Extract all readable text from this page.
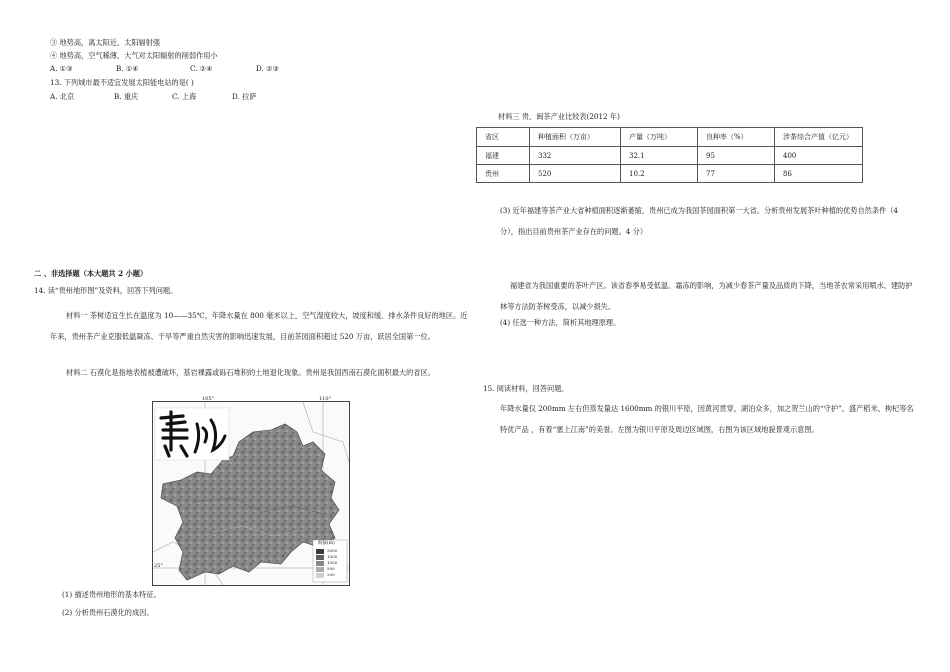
③ 地势高，离太阳近，太阳辐射强
④ 地势高，空气稀薄，大气对太阳辐射的削弱作用小
A. ①③	B. ①④	C. ②④	D. ②③
13. 下列城市最不适宜发展太阳能电站的是( )
A. 北京	B. 重庆	C. 上海	D. 拉萨
二 、非选择题（本大题共 2 小题）
14. 读“贵州地形图”及资料，回答下列问题。
材料一 茶树适宜生长在温度为 10——35℃，年降水量在 800 毫米以上，空气湿度较大，坡度和缓、排水条件良好的地区。近年来，贵州茶产业克服低温凝冻、干旱等严重自然灾害的影响迅速发展，目前茶园面积超过 520 万亩，跃居全国第一位。
材料二 石漠化是指地表植被遭破坏，基岩裸露或砾石堆积的土地退化现象。贵州是我国西南石漠化面积最大的省区。
105°	110°
25°
海拔(m)
2000
1500
1000
500
200
(1) 描述贵州地形的基本特征。
(2) 分析贵州石漠化的成因。
材料三 贵、闽茶产业比较表(2012 年)
省区	种植面积（万亩）	产量（万吨）	良种率（%）	涉茶综合产值（亿元）
福建	332	32.1	95	400
贵州	520	10.2	77	86
(3) 近年福建等茶产业大省种植面积逐渐萎缩，贵州已成为我国茶园面积第一大省。分析贵州发展茶叶种植的优势自然条件（4 分），指出目前贵州茶产业存在的问题。4 分）
福建省为我国重要的茶叶产区。该省春季易受低温、霜冻的影响，为减少春茶产量及品质的下降，当地茶农常采用喷水、建防护林等方法防茶树受冻，以减少损失。
(4) 任选一种方法，简析其地理原理。
15. 阅读材料，回答问题。
年降水量仅 200mm 左右但蒸发量达 1600mm 的银川平原，因黄河贯穿，湖泊众多，加之贺兰山的“守护”，盛产稻米、枸杞等名特优产品 ，有着“塞上江南”的美誉。左图为银川平原及周边区域图，右图为该区域地貌景观示意图。
